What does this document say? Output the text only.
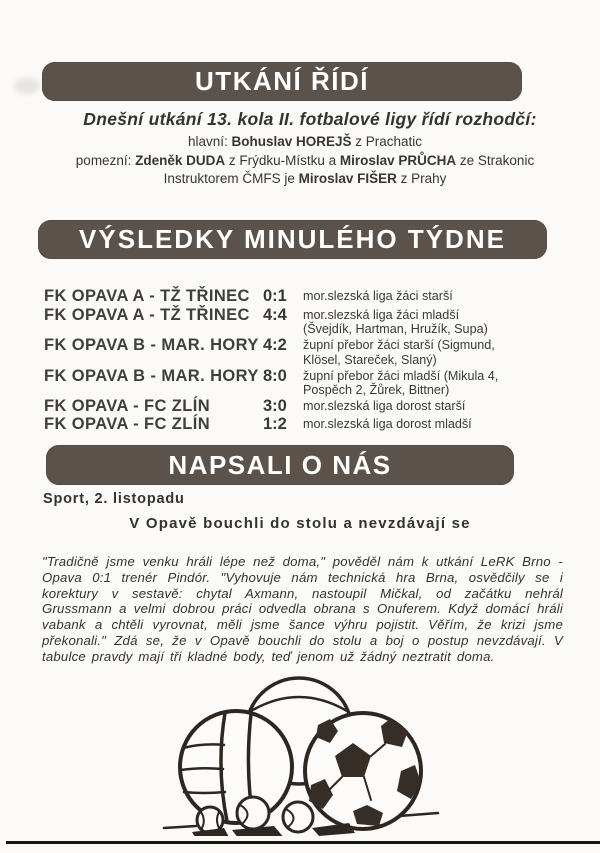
UTKÁNÍ ŘÍDÍ
Dnešní utkání 13. kola II. fotbalové ligy řídí rozhodčí:
hlavní: Bohuslav HOREJŠ z Prachatic
pomezní: Zdeněk DUDA z Frýdku-Místku a Miroslav PRŮCHA ze Strakonic
Instruktorem ČMFS je Miroslav FIŠER z Prahy
VÝSLEDKY MINULÉHO TÝDNE
FK OPAVA A - TŽ TŘINEC 0:1	mor.slezská liga žáci starší
FK OPAVA A - TŽ TŘINEC 4:4	mor.slezská liga žáci mladší
(Švejdík, Hartman, Hružík, Supa)
FK OPAVA B - MAR. HORY 4:2	župní přebor žáci starší (Sigmund,
Klösel, Stareček, Slaný)
FK OPAVA B - MAR. HORY 8:0	župní přebor žáci mladší (Mikula 4,
Pospěch 2, Žůrek, Bittner)
FK OPAVA - FC ZLÍN	3:0	mor.slezská liga dorost starší
FK OPAVA - FC ZLÍN	1:2	mor.slezská liga dorost mladší
NAPSALI O NÁS
Sport, 2. listopadu
V Opavě bouchli do stolu a nevzdávají se
"Tradičně jsme venku hráli lépe než doma," pověděl nám k utkání LeRK Brno - Opava 0:1 trenér Pindór. "Vyhovuje nám technická hra Brna, osvědčily se i korektury v sestavě: chytal Axmann, nastoupil Mičkal, od začátku nehrál Grussmann a velmi dobrou práci odvedla obrana s Onuferem. Když domácí hráli vabank a chtěli vyrovnat, měli jsme šance výhru pojistit. Věřím, že krizi jsme překonali." Zdá se, že v Opavě bouchli do stolu a boj o postup nevzdávají. V tabulce pravdy mají tři kladné body, teď jenom už žádný neztratit doma.
